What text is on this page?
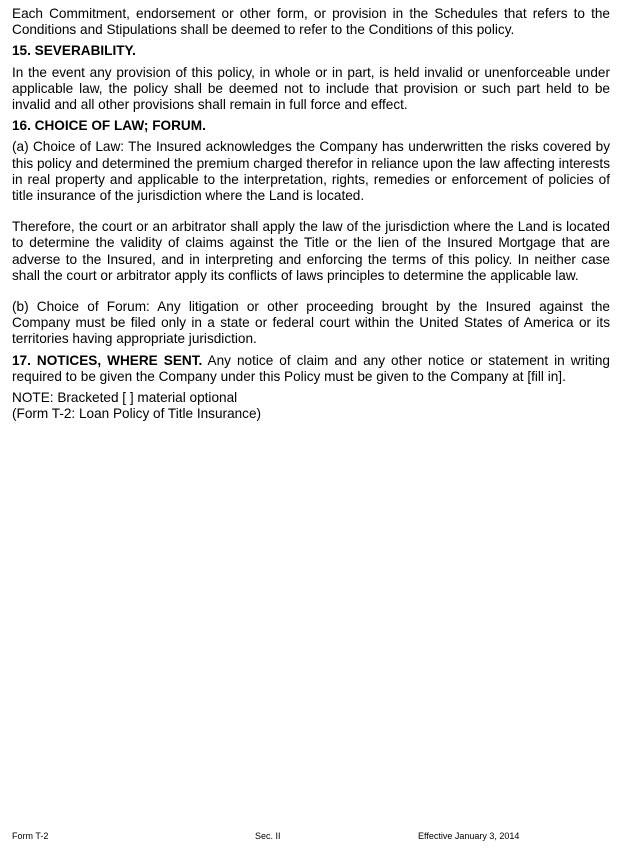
Each Commitment, endorsement or other form, or provision in the Schedules that refers to the Conditions and Stipulations shall be deemed to refer to the Conditions of this policy.

15. SEVERABILITY.

In the event any provision of this policy, in whole or in part, is held invalid or unenforceable under applicable law, the policy shall be deemed not to include that provision or such part held to be invalid and all other provisions shall remain in full force and effect.

16. CHOICE OF LAW; FORUM.

(a) Choice of Law: The Insured acknowledges the Company has underwritten the risks covered by this policy and determined the premium charged therefor in reliance upon the law affecting interests in real property and applicable to the interpretation, rights, remedies or enforcement of policies of title insurance of the jurisdiction where the Land is located.

Therefore, the court or an arbitrator shall apply the law of the jurisdiction where the Land is located to determine the validity of claims against the Title or the lien of the Insured Mortgage that are adverse to the Insured, and in interpreting and enforcing the terms of this policy. In neither case shall the court or arbitrator apply its conflicts of laws principles to determine the applicable law.

(b) Choice of Forum: Any litigation or other proceeding brought by the Insured against the Company must be filed only in a state or federal court within the United States of America or its territories having appropriate jurisdiction.

17. NOTICES, WHERE SENT. Any notice of claim and any other notice or statement in writing required to be given the Company under this Policy must be given to the Company at [fill in].

NOTE: Bracketed [ ] material optional

(Form T-2: Loan Policy of Title Insurance)

Form T-2	Sec. II	Effective January 3, 2014
